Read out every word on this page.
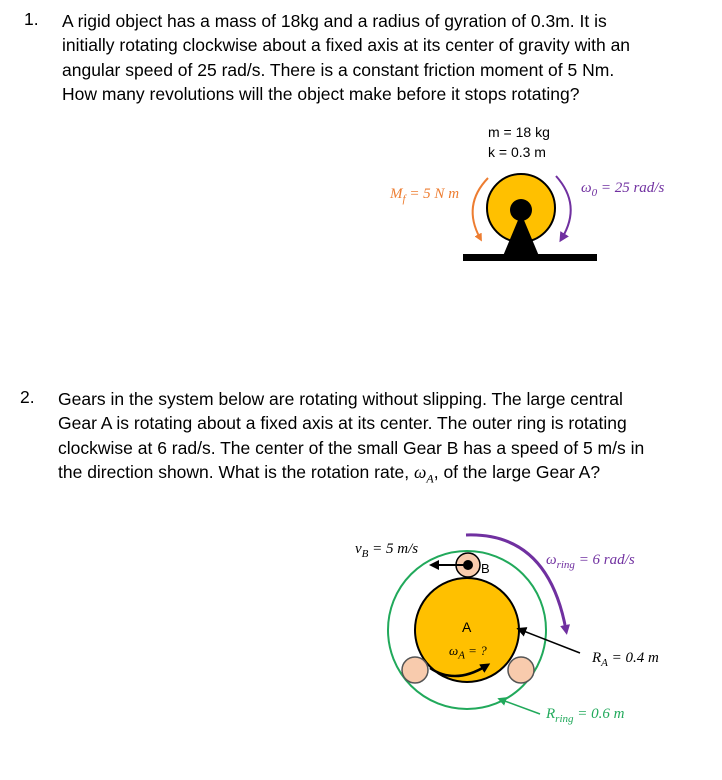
1. A rigid object has a mass of 18kg and a radius of gyration of 0.3m. It is initially rotating clockwise about a fixed axis at its center of gravity with an angular speed of 25 rad/s. There is a constant friction moment of 5 Nm. How many revolutions will the object make before it stops rotating?
m = 18 kg
k = 0.3 m
$M_f = 5$ N m	$\omega_0 = 25$ rad/s
2. Gears in the system below are rotating without slipping. The large central Gear A is rotating about a fixed axis at its center. The outer ring is rotating clockwise at 6 rad/s. The center of the small Gear B has a speed of 5 m/s in the direction shown. What is the rotation rate, $\omega_A$, of the large Gear A?
$v_B = 5$ m/s
B
A
$\omega_A$ = ?
$\omega_{ring} = 6$ rad/s
$R_A = 0.4$ m
$R_{ring} = 0.6$ m
